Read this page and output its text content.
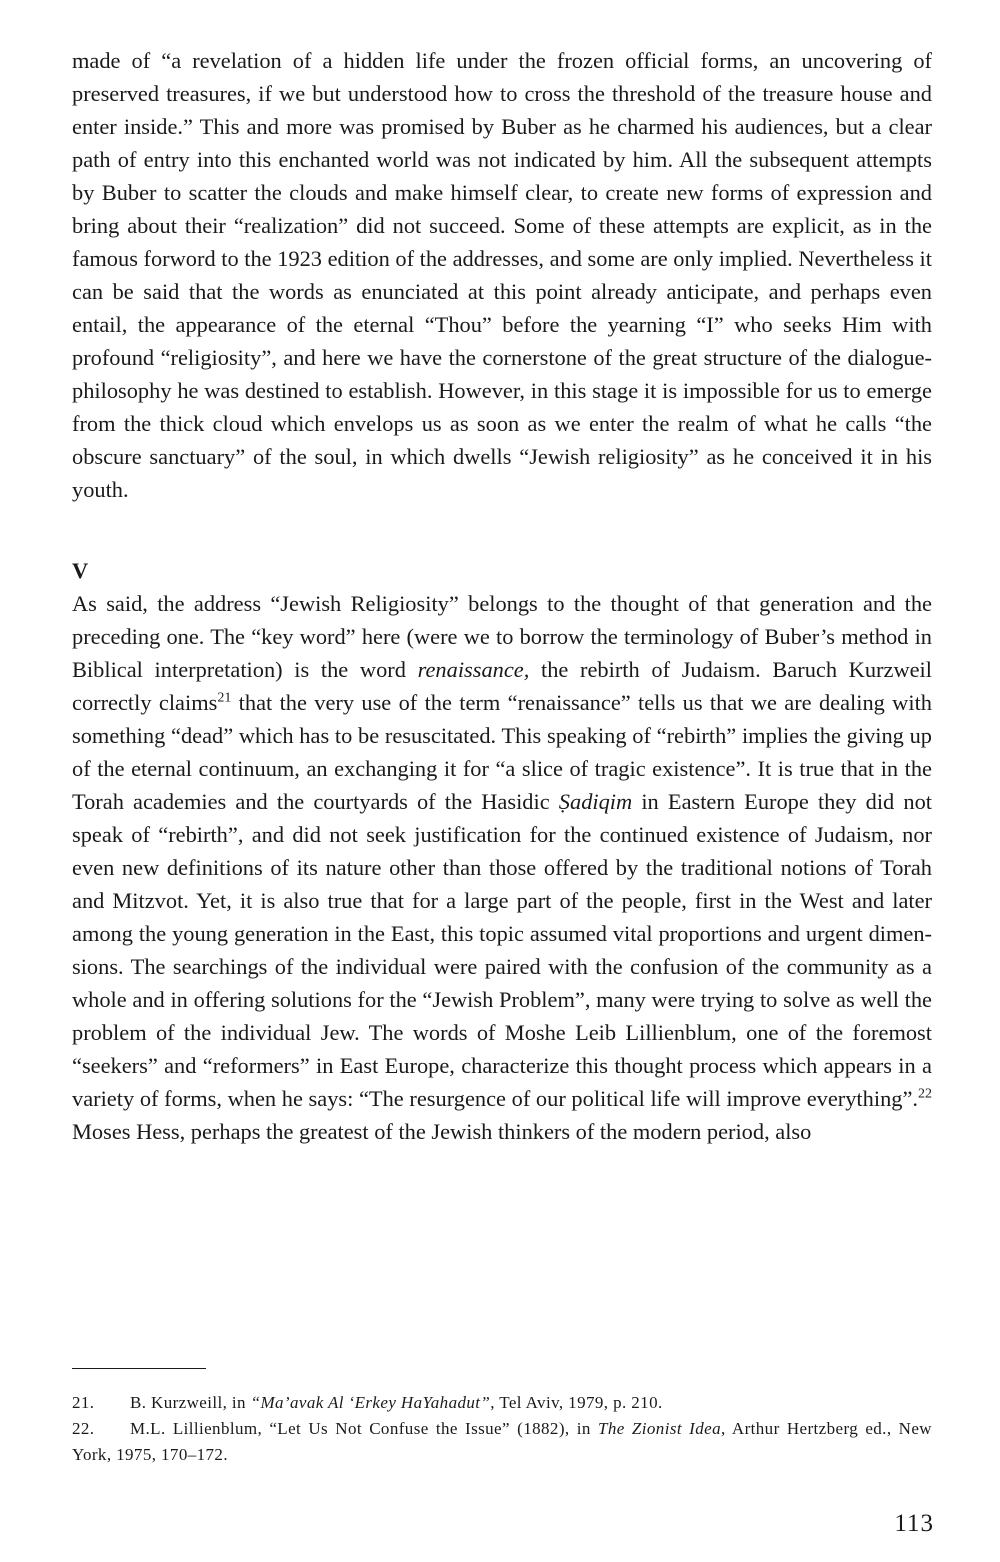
made of “a revelation of a hidden life under the frozen official forms, an uncovering of preserved treasures, if we but understood how to cross the threshold of the treasure house and enter inside.” This and more was promised by Buber as he charmed his audiences, but a clear path of entry into this enchanted world was not indicated by him. All the subsequent attempts by Buber to scatter the clouds and make himself clear, to create new forms of expression and bring about their “realization” did not succeed. Some of these attempts are explicit, as in the famous forword to the 1923 edition of the addresses, and some are only implied. Nevertheless it can be said that the words as enunciated at this point already anticipate, and perhaps even entail, the appearance of the eternal “Thou” before the yearning “I” who seeks Him with profound “religiosity”, and here we have the cornerstone of the great structure of the dialogue-philosophy he was destined to establish. However, in this stage it is impossible for us to emerge from the thick cloud which envelops us as soon as we enter the realm of what he calls “the obscure sanctuary” of the soul, in which dwells “Jewish religiosity” as he conceived it in his youth.

V

As said, the address “Jewish Religiosity” belongs to the thought of that generation and the preceding one. The “key word” here (were we to borrow the terminology of Buber’s method in Biblical interpretation) is the word renaissance, the rebirth of Judaism. Baruch Kurzweil correctly claims$^{21}$ that the very use of the term “renaissance” tells us that we are dealing with something “dead” which has to be resuscitated. This speaking of “rebirth” implies the giving up of the eternal continuum, an exchanging it for “a slice of tragic existence”. It is true that in the Torah academies and the courtyards of the Hasidic Ṣadiqim in Eastern Europe they did not speak of “rebirth”, and did not seek justification for the continued existence of Judaism, nor even new definitions of its nature other than those offered by the traditional notions of Torah and Mitzvot. Yet, it is also true that for a large part of the people, first in the West and later among the young generation in the East, this topic assumed vital proportions and urgent dimensions. The searchings of the individual were paired with the confusion of the community as a whole and in offering solutions for the “Jewish Problem”, many were trying to solve as well the problem of the individual Jew. The words of Moshe Leib Lillienblum, one of the foremost “seekers” and “reformers” in East Europe, characterize this thought process which appears in a variety of forms, when he says: “The resurgence of our political life will improve everything”.$^{22}$ Moses Hess, perhaps the greatest of the Jewish thinkers of the modern period, also

21. B. Kurzweill, in “Ma’avak Al ‘Erkey HaYahadut”, Tel Aviv, 1979, p. 210.

22. M.L. Lillienblum, “Let Us Not Confuse the Issue” (1882), in The Zionist Idea, Arthur Hertzberg ed., New York, 1975, 170–172.

113
